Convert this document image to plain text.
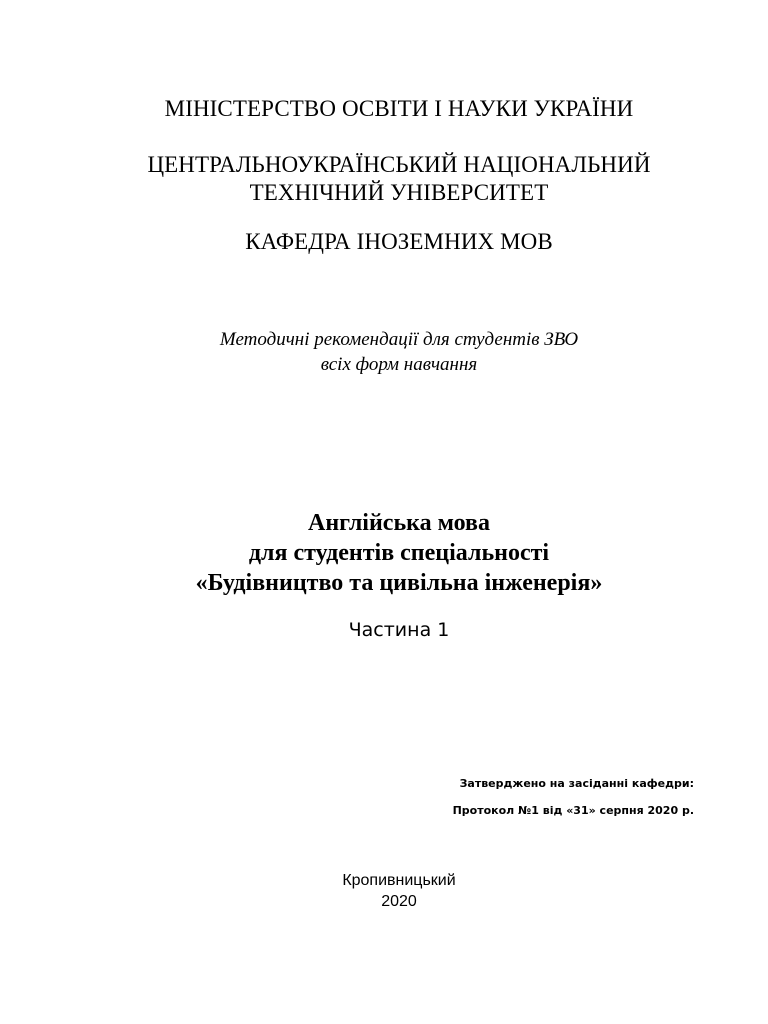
МІНІСТЕРСТВО ОСВІТИ І НАУКИ УКРАЇНИ
ЦЕНТРАЛЬНОУКРАЇНСЬКИЙ НАЦІОНАЛЬНИЙ
ТЕХНІЧНИЙ УНІВЕРСИТЕТ
КАФЕДРА ІНОЗЕМНИХ МОВ
Методичні рекомендації для студентів ЗВО
всіх форм навчання
Англійська мова
для студентів спеціальності
«Будівництво та цивільна інженерія»
Частина 1
Затверджено на засіданні кафедри:
Протокол №1 від «31» серпня 2020 р.
Кропивницький
2020
